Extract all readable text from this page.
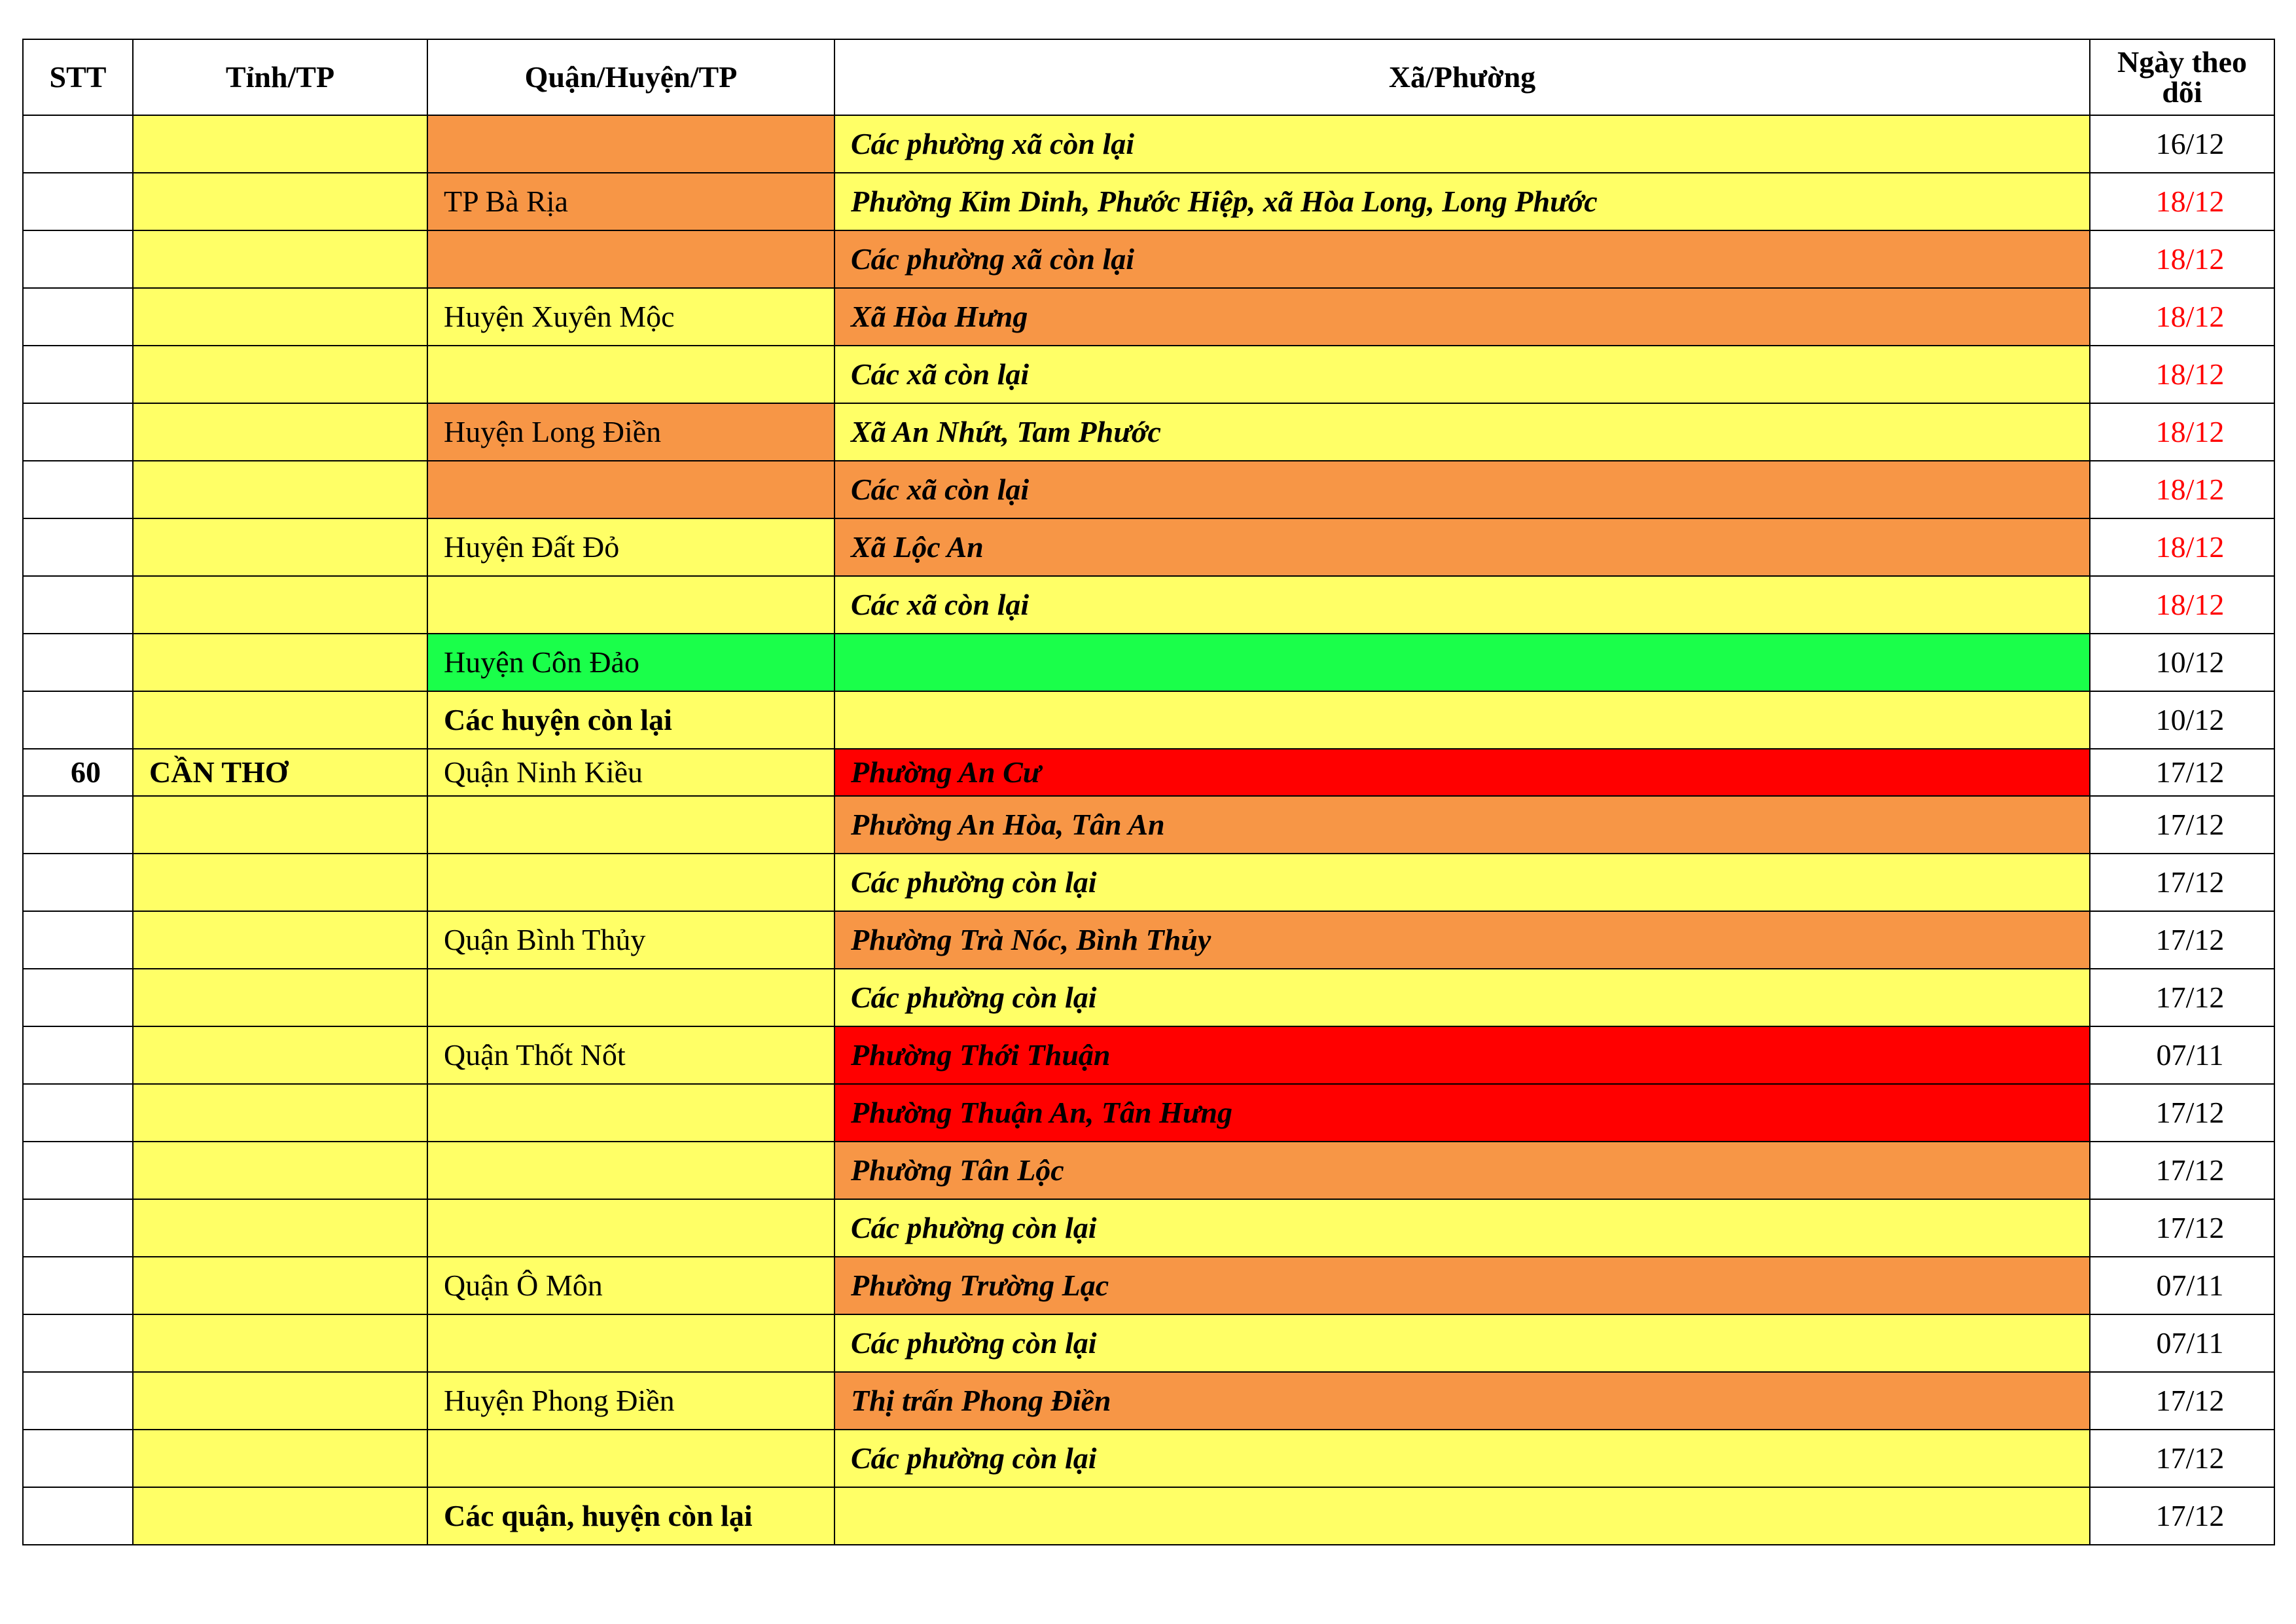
STT	Tỉnh/TP	Quận/Huyện/TP	Xã/Phường	Ngày theo
dõi
			Các phường xã còn lại	16/12
		TP Bà Rịa	Phường Kim Dinh, Phước Hiệp, xã Hòa Long, Long Phước	18/12
			Các phường xã còn lại	18/12
		Huyện Xuyên Mộc	Xã Hòa Hưng	18/12
			Các xã còn lại	18/12
		Huyện Long Điền	Xã An Nhứt, Tam Phước	18/12
			Các xã còn lại	18/12
		Huyện Đất Đỏ	Xã Lộc An	18/12
			Các xã còn lại	18/12
		Huyện Côn Đảo		10/12
		Các huyện còn lại		10/12
60	CẦN THƠ	Quận Ninh Kiều	Phường An Cư	17/12
			Phường An Hòa, Tân An	17/12
			Các phường còn lại	17/12
		Quận Bình Thủy	Phường Trà Nóc, Bình Thủy	17/12
			Các phường còn lại	17/12
		Quận Thốt Nốt	Phường Thới Thuận	07/11
			Phường Thuận An, Tân Hưng	17/12
			Phường Tân Lộc	17/12
			Các phường còn lại	17/12
		Quận Ô Môn	Phường Trường Lạc	07/11
			Các phường còn lại	07/11
		Huyện Phong Điền	Thị trấn Phong Điền	17/12
			Các phường còn lại	17/12
		Các quận, huyện còn lại		17/12
